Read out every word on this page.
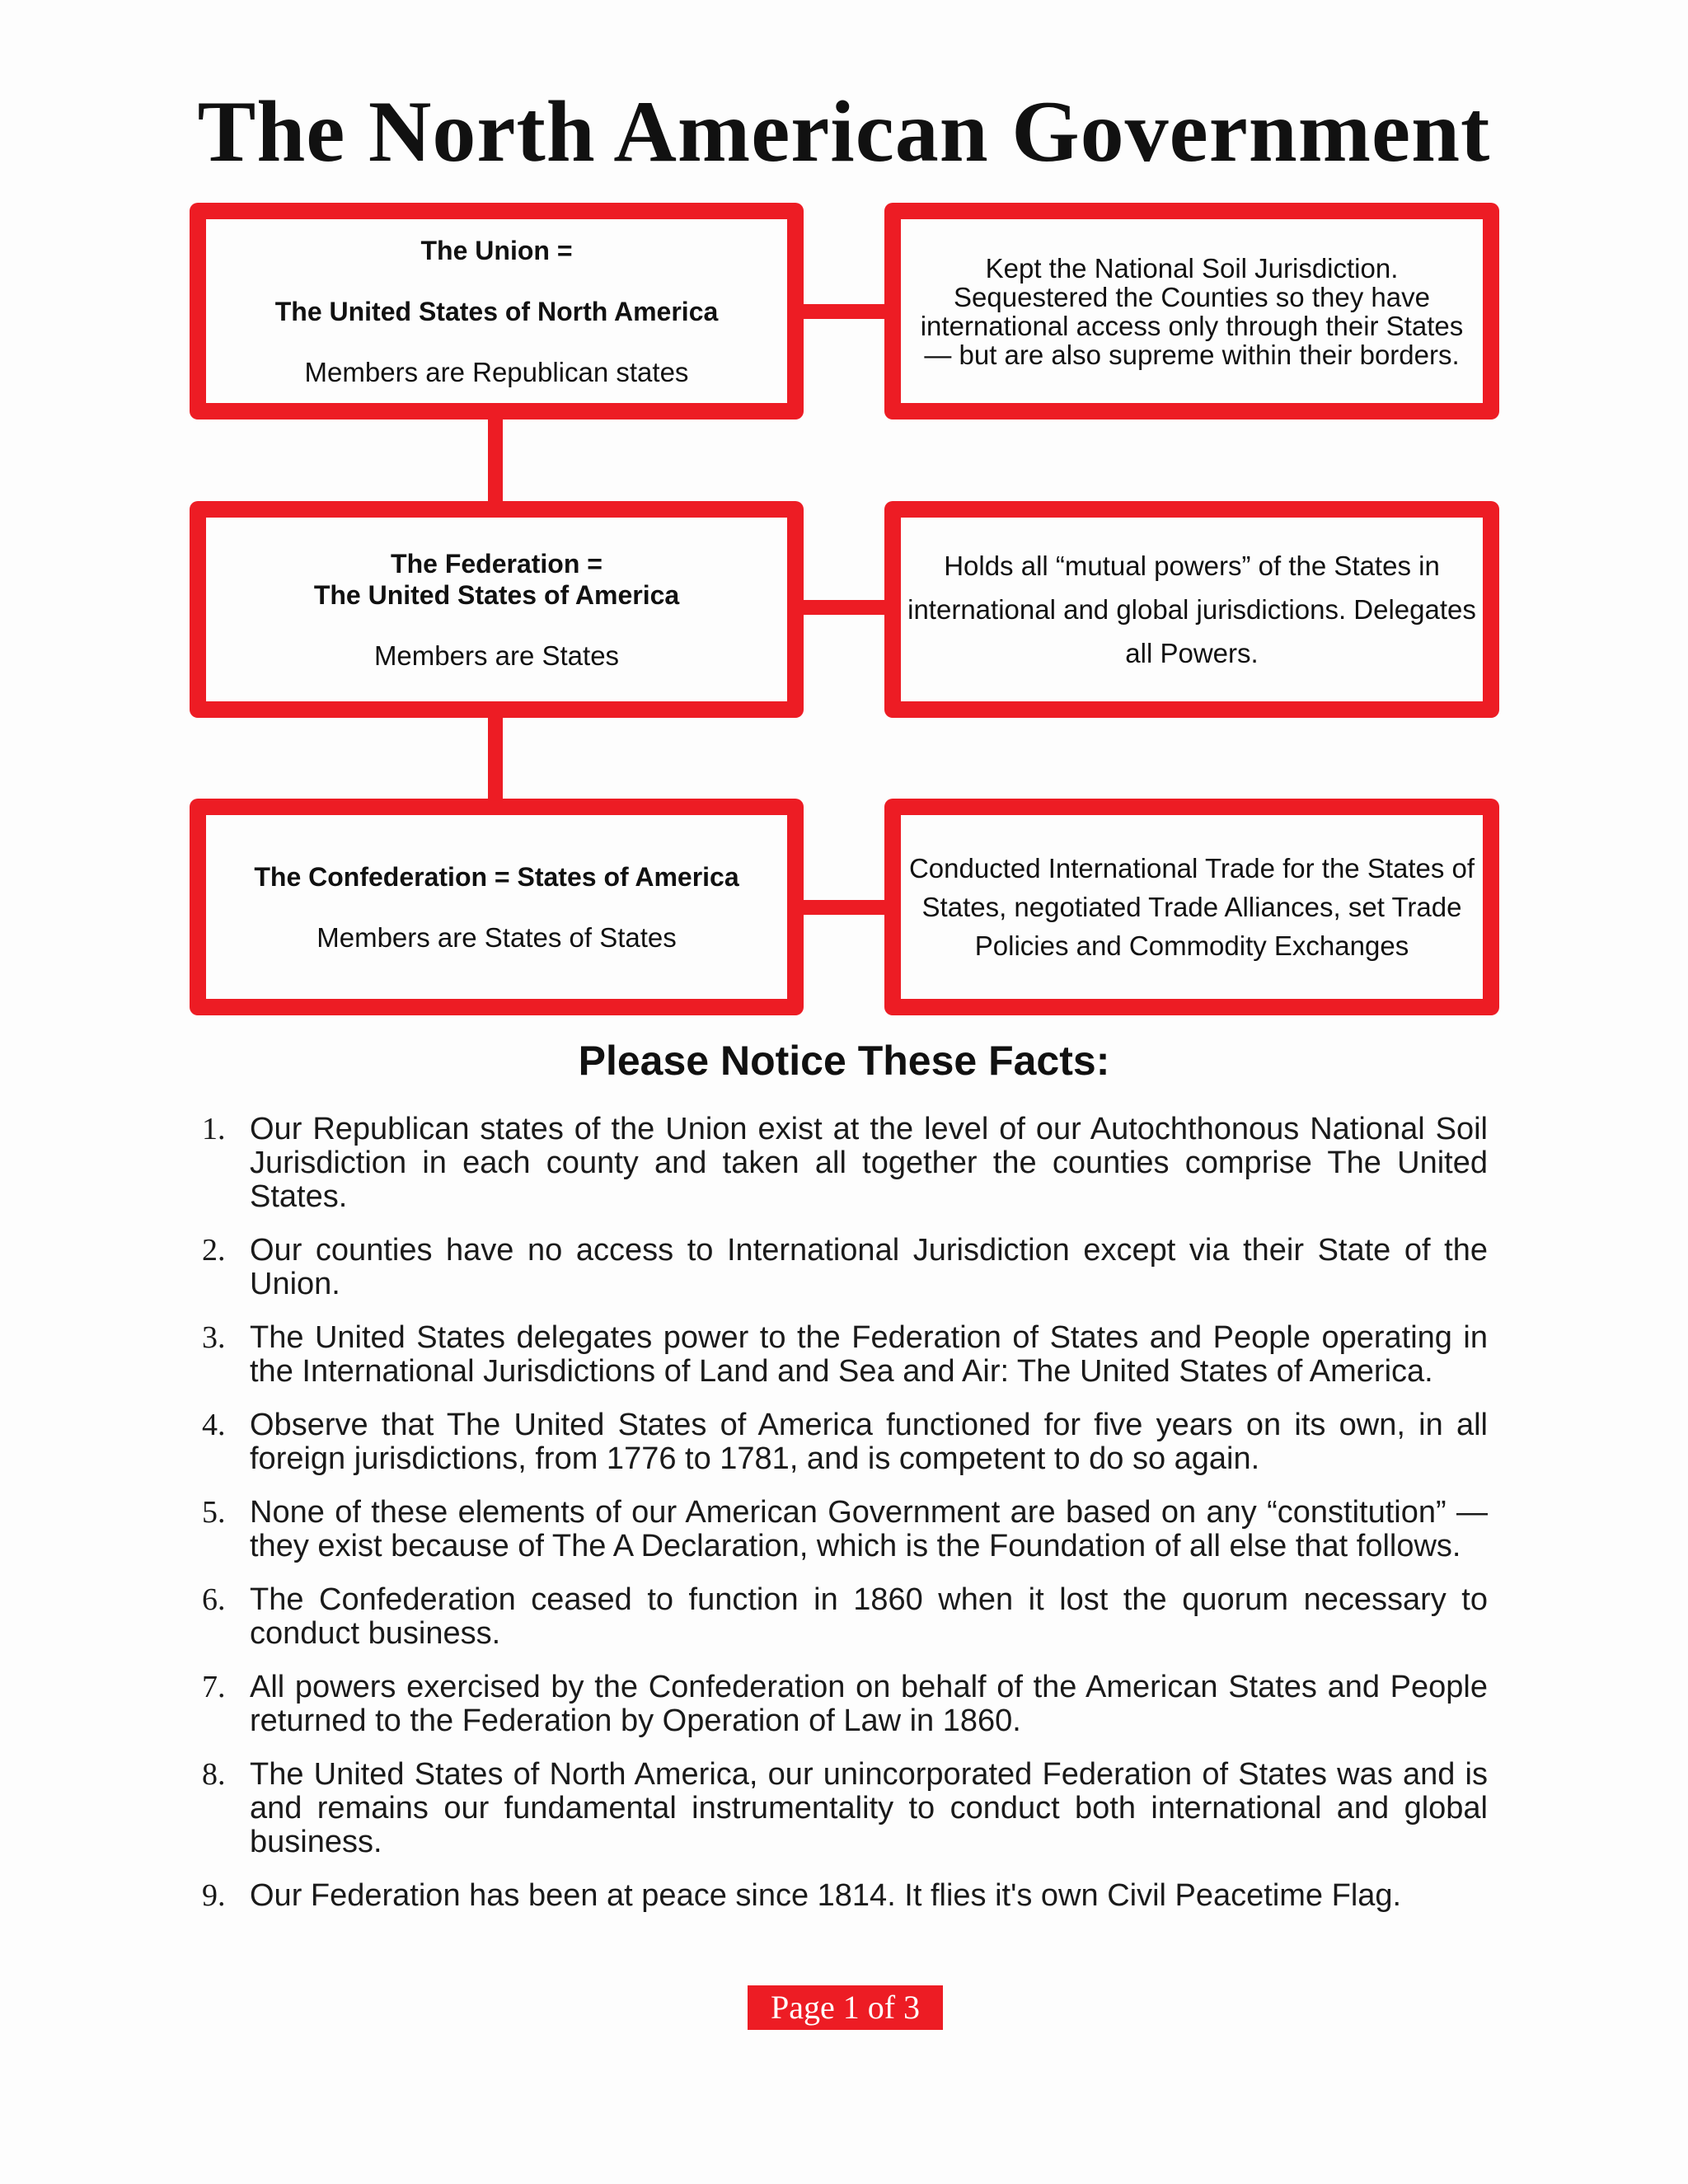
The North American Government
The Union =
The United States of North America
Members are Republican states
Kept the National Soil Jurisdiction.
Sequestered the Counties so they have
international access only through their States
— but are also supreme within their borders.
The Federation =
The United States of America
Members are States
Holds all “mutual powers” of the States in
international and global jurisdictions. Delegates
all Powers.
The Confederation = States of America
Members are States of States
Conducted International Trade for the States of
States, negotiated Trade Alliances, set Trade
Policies and Commodity Exchanges
Please Notice These Facts:
1. Our Republican states of the Union exist at the level of our Autochthonous National Soil Jurisdiction in each county and taken all together the counties comprise The United States.
2. Our counties have no access to International Jurisdiction except via their State of the Union.
3. The United States delegates power to the Federation of States and People operating in the International Jurisdictions of Land and Sea and Air: The United States of America.
4. Observe that The United States of America functioned for five years on its own, in all foreign jurisdictions, from 1776 to 1781, and is competent to do so again.
5. None of these elements of our American Government are based on any “constitution” — they exist because of The A Declaration, which is the Foundation of all else that follows.
6. The Confederation ceased to function in 1860 when it lost the quorum necessary to conduct business.
7. All powers exercised by the Confederation on behalf of the American States and People returned to the Federation by Operation of Law in 1860.
8. The United States of North America, our unincorporated Federation of States was and is and remains our fundamental instrumentality to conduct both international and global business.
9. Our Federation has been at peace since 1814. It flies it's own Civil Peacetime Flag.
Page 1 of 3
